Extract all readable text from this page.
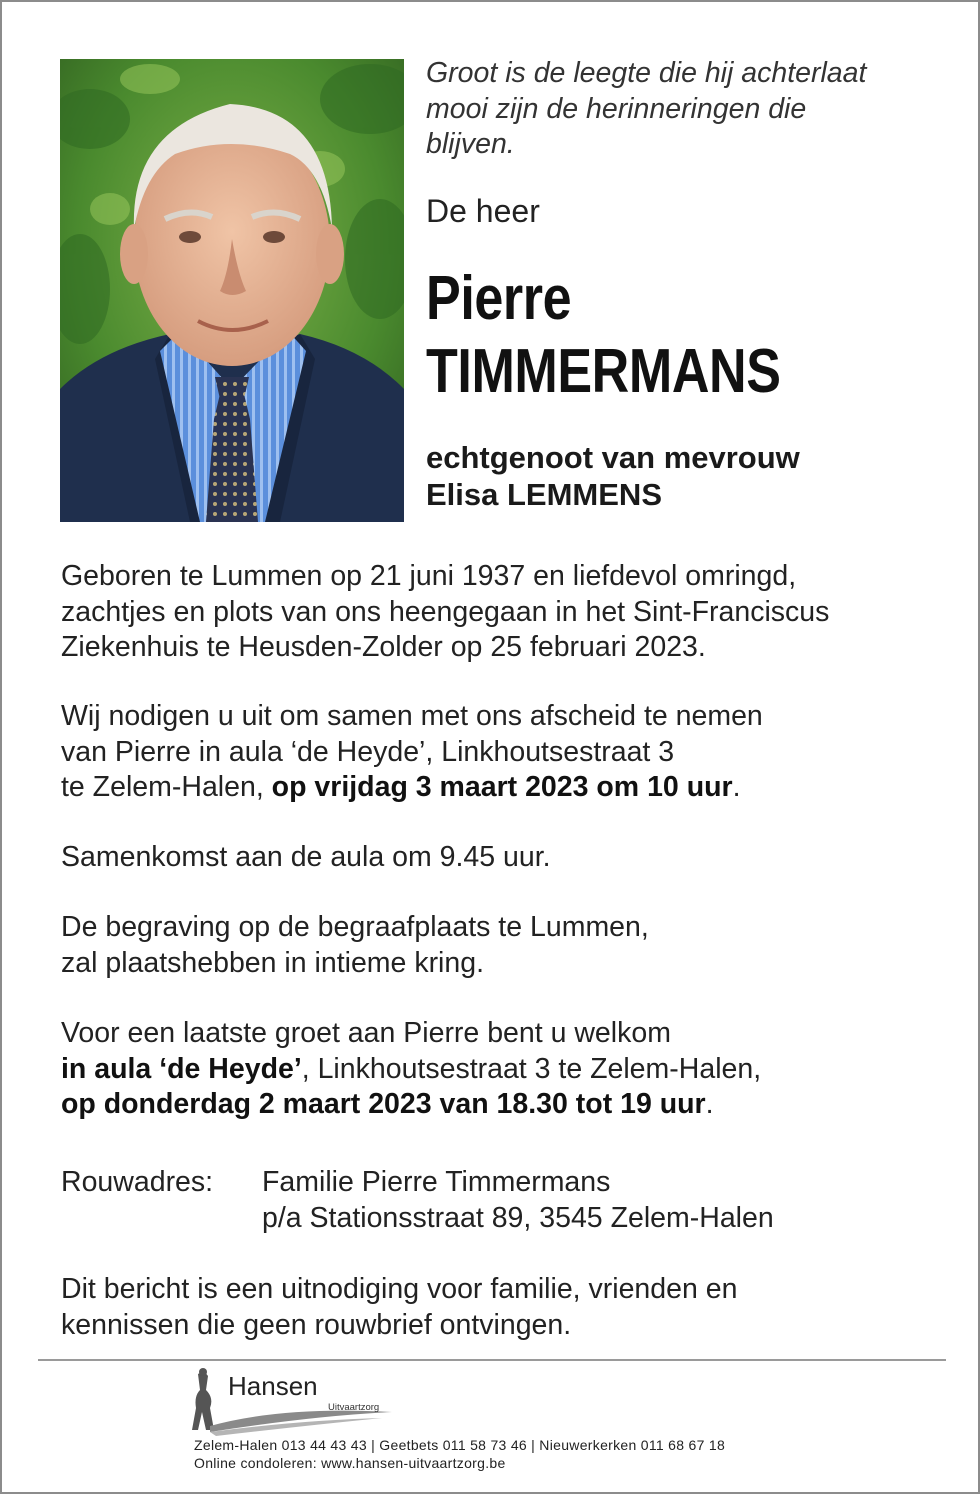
Groot is de leegte die hij achterlaat
mooi zijn de herinneringen die
blijven.
De heer
Pierre
TIMMERMANS
echtgenoot van mevrouw
Elisa LEMMENS
Geboren te Lummen op 21 juni 1937 en liefdevol omringd,
zachtjes en plots van ons heengegaan in het Sint-Franciscus
Ziekenhuis te Heusden-Zolder op 25 februari 2023.
Wij nodigen u uit om samen met ons afscheid te nemen
van Pierre in aula ‘de Heyde’, Linkhoutsestraat 3
te Zelem-Halen, op vrijdag 3 maart 2023 om 10 uur.
Samenkomst aan de aula om 9.45 uur.
De begraving op de begraafplaats te Lummen,
zal plaatshebben in intieme kring.
Voor een laatste groet aan Pierre bent u welkom
in aula ‘de Heyde’, Linkhoutsestraat 3 te Zelem-Halen,
op donderdag 2 maart 2023 van 18.30 tot 19 uur.
Rouwadres: Familie Pierre Timmermans
p/a Stationsstraat 89, 3545 Zelem-Halen
Dit bericht is een uitnodiging voor familie, vrienden en
kennissen die geen rouwbrief ontvingen.
Hansen
Uitvaartzorg
Zelem-Halen 013 44 43 43 | Geetbets 011 58 73 46 | Nieuwerkerken 011 68 67 18
Online condoleren: www.hansen-uitvaartzorg.be
